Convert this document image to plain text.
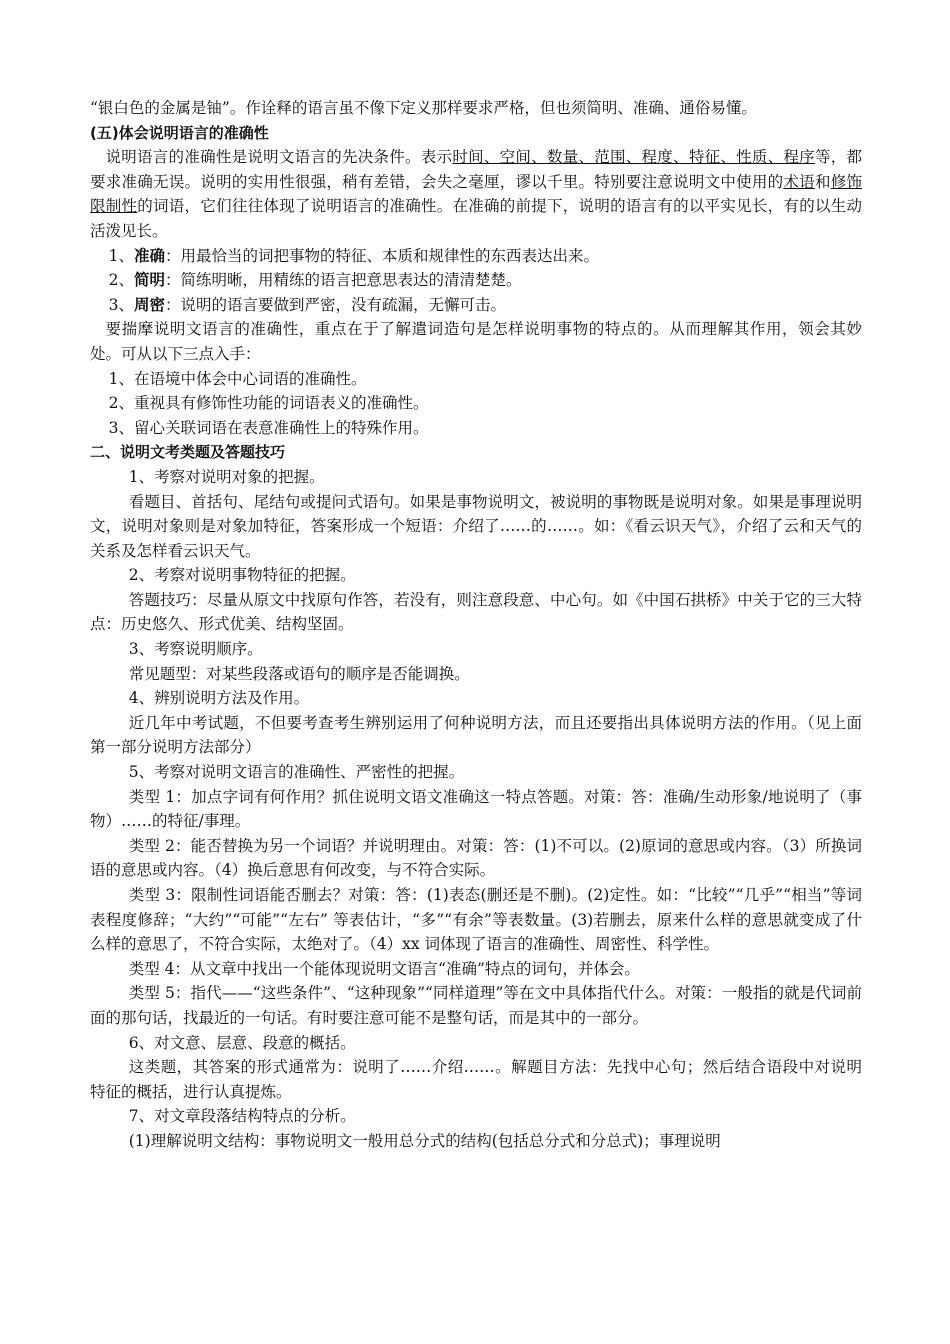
“银白色的金属是铀”。作诠释的语言虽不像下定义那样要求严格，但也须简明、准确、通俗易懂。

(五)体会说明语言的准确性

说明语言的准确性是说明文语言的先决条件。表示时间、空间、数量、范围、程度、特征、性质、程序等，都要求准确无误。说明的实用性很强，稍有差错，会失之毫厘，谬以千里。特别要注意说明文中使用的术语和修饰限制性的词语，它们往往体现了说明语言的准确性。在准确的前提下，说明的语言有的以平实见长，有的以生动活泼见长。

1、准确：用最恰当的词把事物的特征、本质和规律性的东西表达出来。

2、简明：简练明晰，用精练的语言把意思表达的清清楚楚。

3、周密：说明的语言要做到严密，没有疏漏，无懈可击。

要揣摩说明文语言的准确性，重点在于了解遣词造句是怎样说明事物的特点的。从而理解其作用，领会其妙处。可从以下三点入手：

1、在语境中体会中心词语的准确性。

2、重视具有修饰性功能的词语表义的准确性。

3、留心关联词语在表意准确性上的特殊作用。

二、说明文考类题及答题技巧

1、考察对说明对象的把握。

看题目、首括句、尾结句或提问式语句。如果是事物说明文，被说明的事物既是说明对象。如果是事理说明文，说明对象则是对象加特征，答案形成一个短语：介绍了……的……。如：《看云识天气》，介绍了云和天气的关系及怎样看云识天气。

2、考察对说明事物特征的把握。

答题技巧：尽量从原文中找原句作答，若没有，则注意段意、中心句。如《中国石拱桥》中关于它的三大特点：历史悠久、形式优美、结构坚固。

3、考察说明顺序。

常见题型：对某些段落或语句的顺序是否能调换。

4、辨别说明方法及作用。

近几年中考试题，不但要考查考生辨别运用了何种说明方法，而且还要指出具体说明方法的作用。（见上面第一部分说明方法部分）

5、考察对说明文语言的准确性、严密性的把握。

类型 1：加点字词有何作用？抓住说明文语文准确这一特点答题。对策：答：准确/生动形象/地说明了（事物）……的特征/事理。

类型 2：能否替换为另一个词语？并说明理由。对策：答：(1)不可以。(2)原词的意思或内容。（3）所换词语的意思或内容。（4）换后意思有何改变，与不符合实际。

类型 3：限制性词语能否删去？对策：答：(1)表态(删还是不删)。(2)定性。如：“比较”“几乎”“相当”等词表程度修辞；“大约”“可能”“左右” 等表估计，“多”“有余”等表数量。(3)若删去，原来什么样的意思就变成了什么样的意思了，不符合实际，太绝对了。（4）xx 词体现了语言的准确性、周密性、科学性。

类型 4：从文章中找出一个能体现说明文语言“准确”特点的词句，并体会。

类型 5：指代——“这些条件”、“这种现象”“同样道理”等在文中具体指代什么。对策：一般指的就是代词前面的那句话，找最近的一句话。有时要注意可能不是整句话，而是其中的一部分。

6、对文意、层意、段意的概括。

这类题，其答案的形式通常为：说明了……介绍……。解题目方法：先找中心句；然后结合语段中对说明 特征的概括，进行认真提炼。

7、对文章段落结构特点的分析。

(1)理解说明文结构：事物说明文一般用总分式的结构(包括总分式和分总式)；事理说明
